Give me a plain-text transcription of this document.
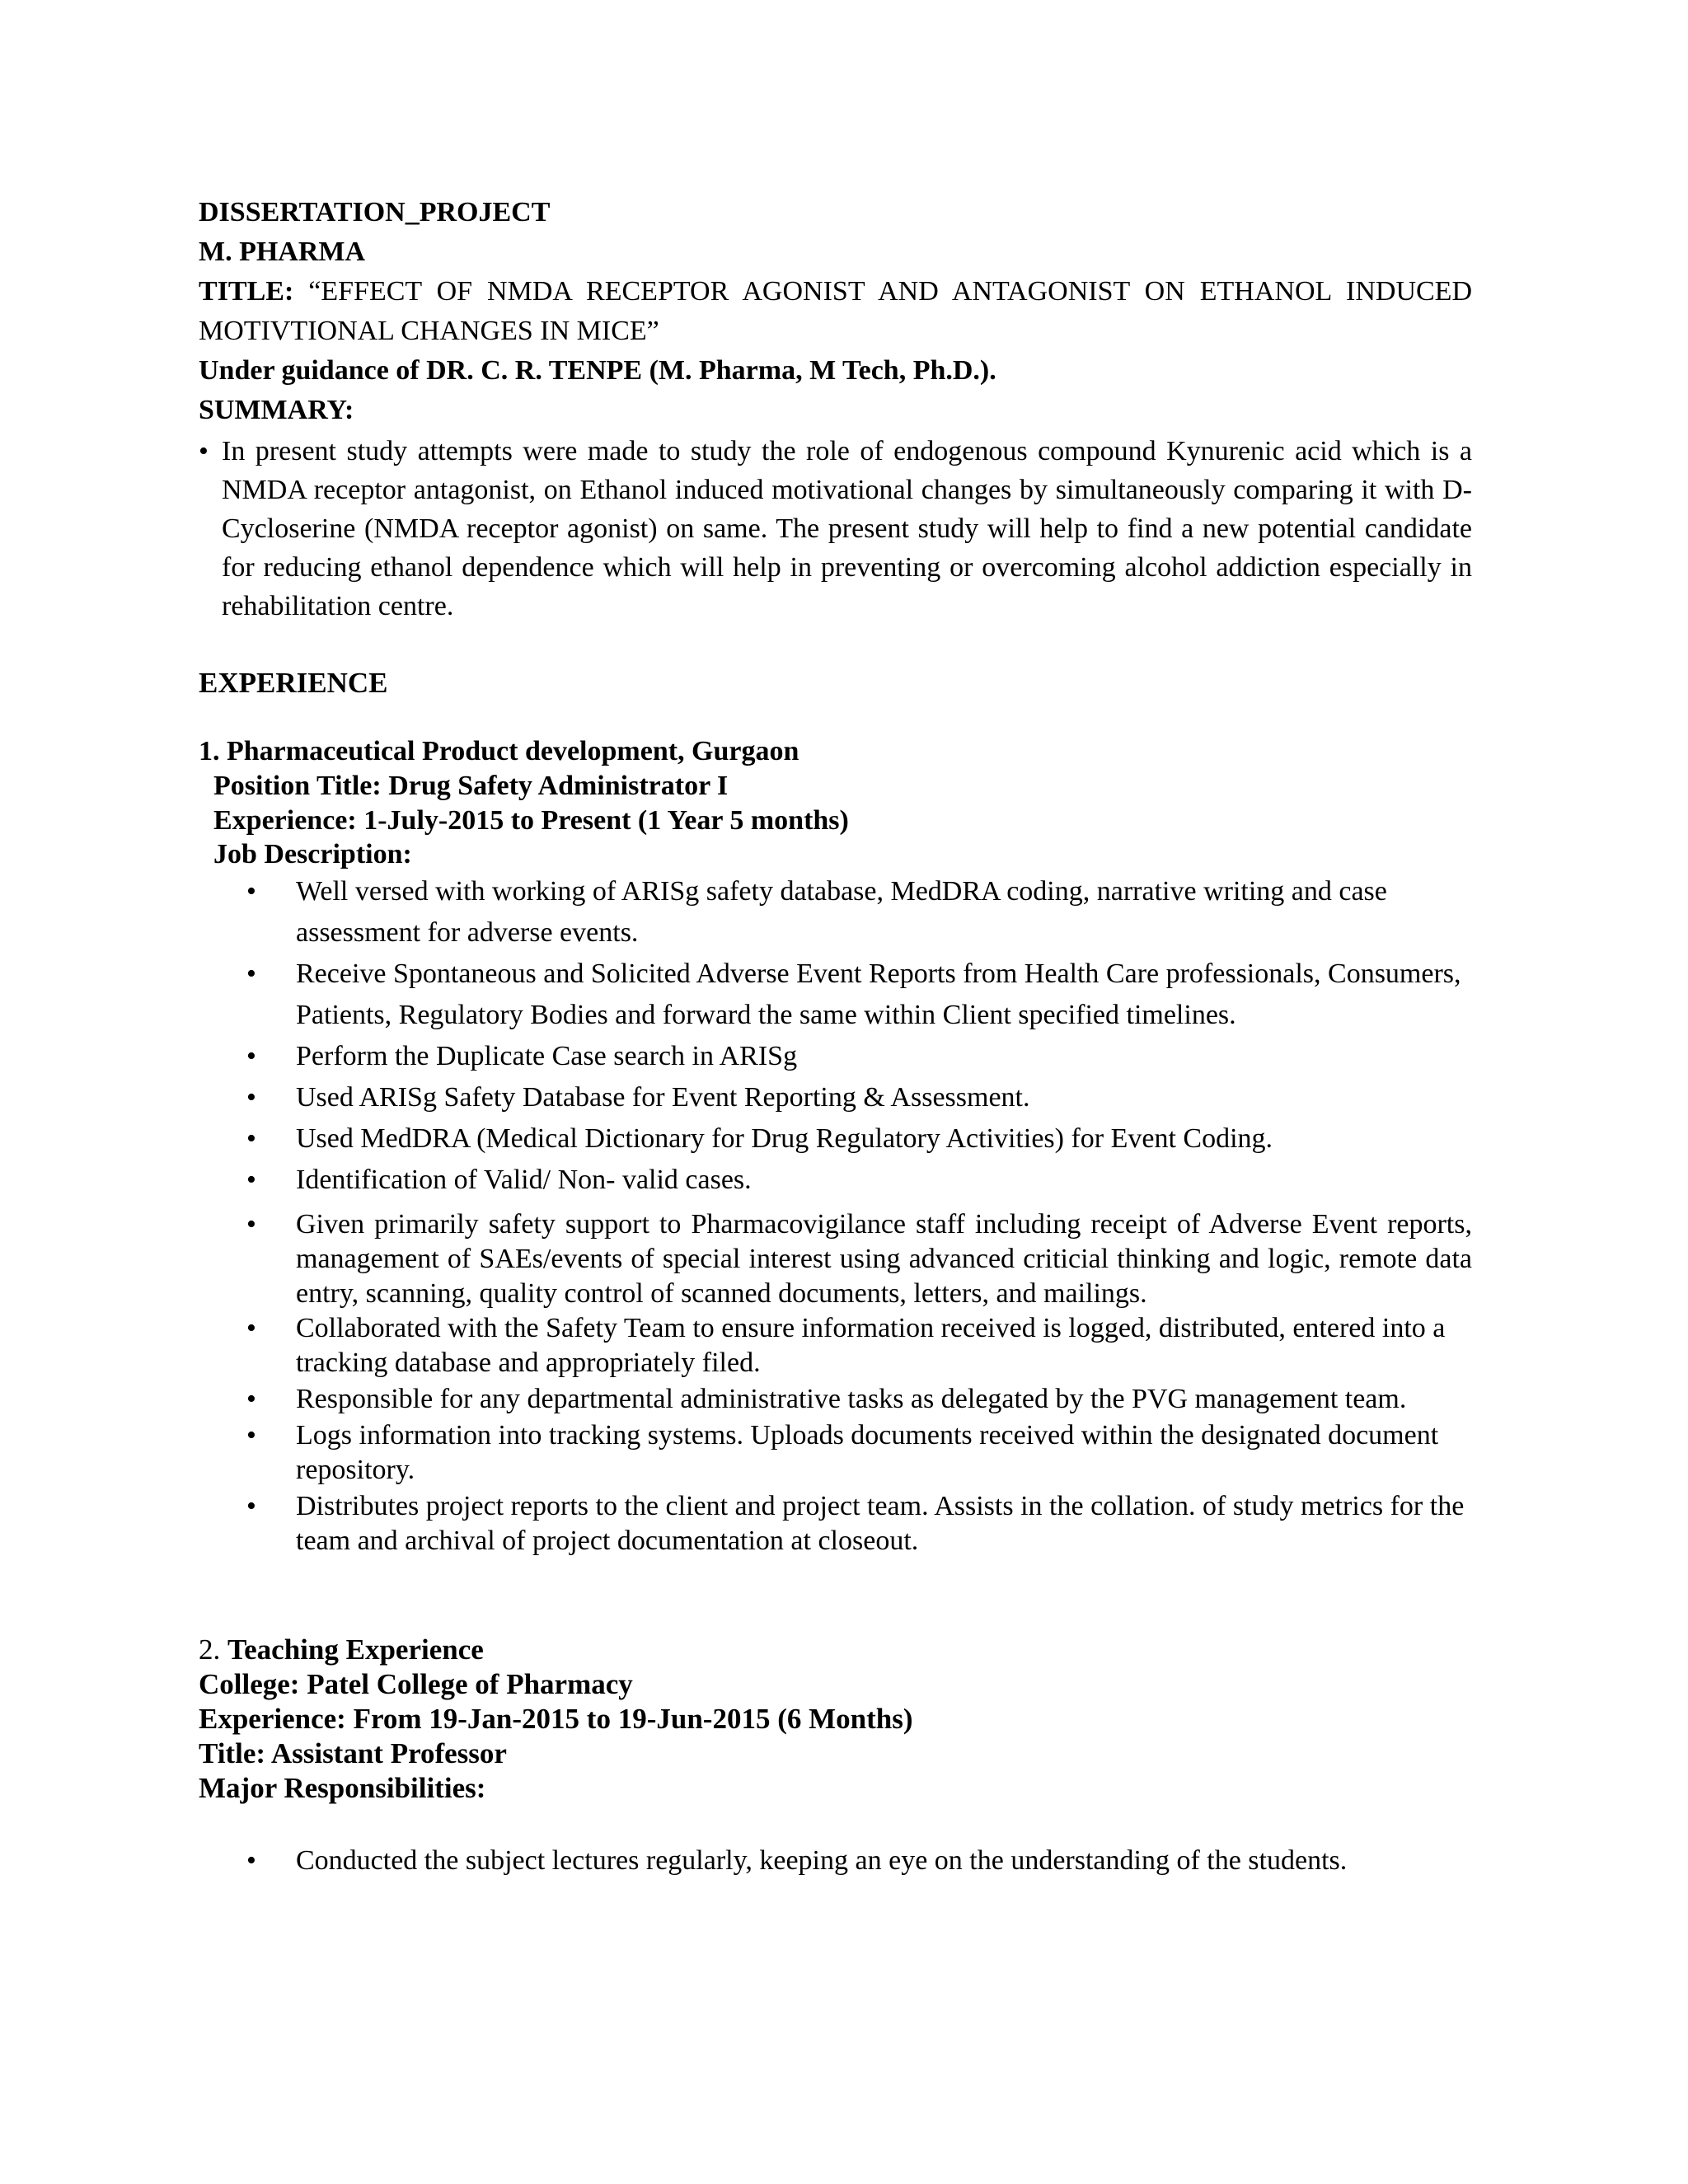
DISSERTATION_PROJECT
M. PHARMA
TITLE: “EFFECT OF NMDA RECEPTOR AGONIST AND ANTAGONIST ON ETHANOL INDUCED
MOTIVTIONAL CHANGES IN MICE”
Under guidance of DR. C. R. TENPE (M. Pharma, M Tech, Ph.D.).
SUMMARY:
• In present study attempts were made to study the role of endogenous compound Kynurenic acid which is a NMDA receptor antagonist, on Ethanol induced motivational changes by simultaneously comparing it with D-Cycloserine (NMDA receptor agonist) on same. The present study will help to find a new potential candidate for reducing ethanol dependence which will help in preventing or overcoming alcohol addiction especially in rehabilitation centre.
EXPERIENCE
1. Pharmaceutical Product development, Gurgaon
Position Title: Drug Safety Administrator I
Experience: 1-July-2015 to Present (1 Year 5 months)
Job Description:
• Well versed with working of ARISg safety database, MedDRA coding, narrative writing and case assessment for adverse events.
• Receive Spontaneous and Solicited Adverse Event Reports from Health Care professionals, Consumers, Patients, Regulatory Bodies and forward the same within Client specified timelines.
• Perform the Duplicate Case search in ARISg
• Used ARISg Safety Database for Event Reporting & Assessment.
• Used MedDRA (Medical Dictionary for Drug Regulatory Activities) for Event Coding.
• Identification of Valid/ Non- valid cases.
• Given primarily safety support to Pharmacovigilance staff including receipt of Adverse Event reports, management of SAEs/events of special interest using advanced criticial thinking and logic, remote data entry, scanning, quality control of scanned documents, letters, and mailings.
• Collaborated with the Safety Team to ensure information received is logged, distributed, entered into a tracking database and appropriately filed.
• Responsible for any departmental administrative tasks as delegated by the PVG management team.
• Logs information into tracking systems. Uploads documents received within the designated document repository.
• Distributes project reports to the client and project team. Assists in the collation. of study metrics for the team and archival of project documentation at closeout.
2. Teaching Experience
College: Patel College of Pharmacy
Experience: From 19-Jan-2015 to 19-Jun-2015 (6 Months)
Title: Assistant Professor
Major Responsibilities:
• Conducted the subject lectures regularly, keeping an eye on the understanding of the students.
